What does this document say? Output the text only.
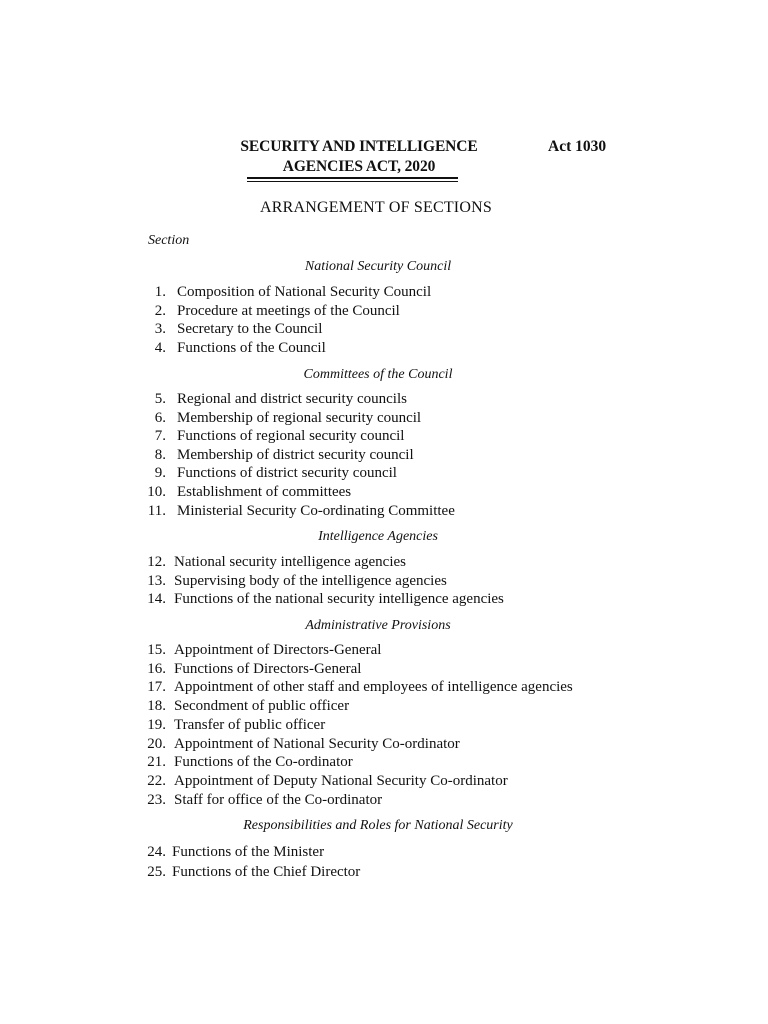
SECURITY AND INTELLIGENCE
AGENCIES ACT, 2020
Act 1030
ARRANGEMENT OF SECTIONS
Section
National Security Council
1. Composition of National Security Council
2. Procedure at meetings of the Council
3. Secretary to the Council
4. Functions of the Council
Committees of the Council
5. Regional and district security councils
6. Membership of regional security council
7. Functions of regional security council
8. Membership of district security council
9. Functions of district security council
10. Establishment of committees
11. Ministerial Security Co-ordinating Committee
Intelligence Agencies
12. National security intelligence agencies
13. Supervising body of the intelligence agencies
14. Functions of the national security intelligence agencies
Administrative Provisions
15. Appointment of Directors-General
16. Functions of Directors-General
17. Appointment of other staff and employees of intelligence agencies
18. Secondment of public officer
19. Transfer of public officer
20. Appointment of National Security Co-ordinator
21. Functions of the Co-ordinator
22. Appointment of Deputy National Security Co-ordinator
23. Staff for office of the Co-ordinator
Responsibilities and Roles for National Security
24. Functions of the Minister
25. Functions of the Chief Director
